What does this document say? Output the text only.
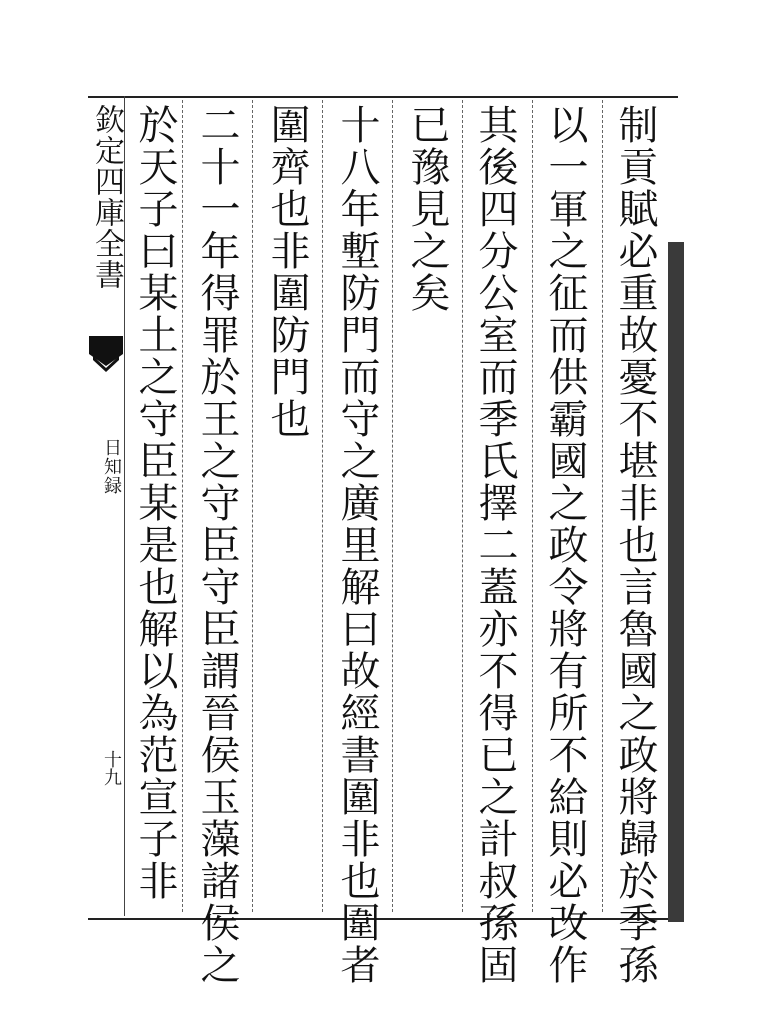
欽定四庫全書
日知録
十九	制貢賦必重故憂不堪非也言魯國之政將歸於季孫
以一軍之征而供霸國之政令將有所不給則必改作
其後四分公室而季氏擇二蓋亦不得已之計叔孫固
已豫見之矣
十八年塹防門而守之廣里解曰故經書圍非也圍者
圍齊也非圍防門也
二十一年得罪於王之守臣守臣謂晉侯玉藻諸侯之
於天子曰某土之守臣某是也解以為范宣子非
